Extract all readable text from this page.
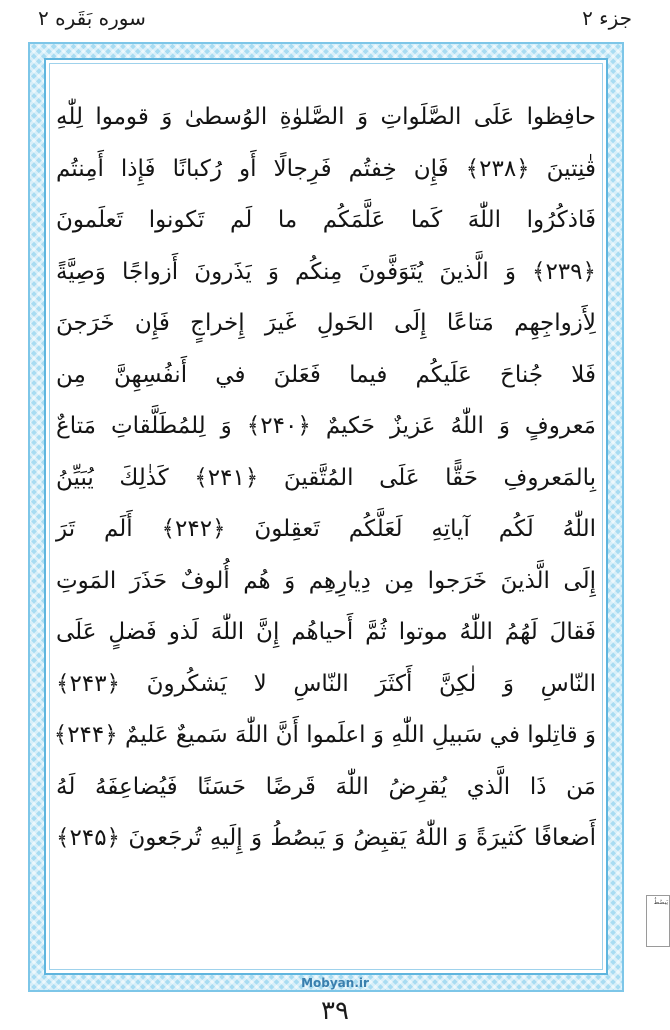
سوره بَقَره ۲	جزء ۲
حافِظوا عَلَى الصَّلَواتِ وَ الصَّلوٰةِ الوُسطىٰ وَ قوموا لِلّٰهِ
قٰنِتينَ ﴿۲۳۸﴾ فَإِن خِفتُم فَرِجالًا أَو رُكبانًا فَإِذا أَمِنتُم
فَاذكُرُوا اللّٰهَ كَما عَلَّمَكُم ما لَم تَكونوا تَعلَمونَ
﴿۲۳۹﴾ وَ الَّذينَ يُتَوَفَّونَ مِنكُم وَ يَذَرونَ أَزواجًا وَصِيَّةً
لِأَزواجِهِم مَتاعًا إِلَى الحَولِ غَيرَ إِخراجٍ فَإِن خَرَجنَ
فَلا جُناحَ عَلَيكُم فيما فَعَلنَ في أَنفُسِهِنَّ مِن
مَعروفٍ وَ اللّٰهُ عَزيزٌ حَكيمٌ ﴿۲۴۰﴾ وَ لِلمُطَلَّقاتِ مَتاعٌ
بِالمَعروفِ حَقًّا عَلَى المُتَّقينَ ﴿۲۴۱﴾ كَذٰلِكَ يُبَيِّنُ
اللّٰهُ لَكُم آياتِهِ لَعَلَّكُم تَعقِلونَ ﴿۲۴۲﴾ أَلَم تَرَ
إِلَى الَّذينَ خَرَجوا مِن دِيارِهِم وَ هُم أُلوفٌ حَذَرَ المَوتِ
فَقالَ لَهُمُ اللّٰهُ موتوا ثُمَّ أَحياهُم إِنَّ اللّٰهَ لَذو فَضلٍ عَلَى
النّاسِ وَ لٰكِنَّ أَكثَرَ النّاسِ لا يَشكُرونَ ﴿۲۴۳﴾
وَ قاتِلوا في سَبيلِ اللّٰهِ وَ اعلَموا أَنَّ اللّٰهَ سَميعٌ عَليمٌ ﴿۲۴۴﴾
مَن ذَا الَّذي يُقرِضُ اللّٰهَ قَرضًا حَسَنًا فَيُضاعِفَهُ لَهُ
أَضعافًا كَثيرَةً وَ اللّٰهُ يَقبِضُ وَ يَبصُطُ وَ إِلَيهِ تُرجَعونَ ﴿۲۴۵﴾
Mobyan.ir
۳۹
يَبصُطُ
